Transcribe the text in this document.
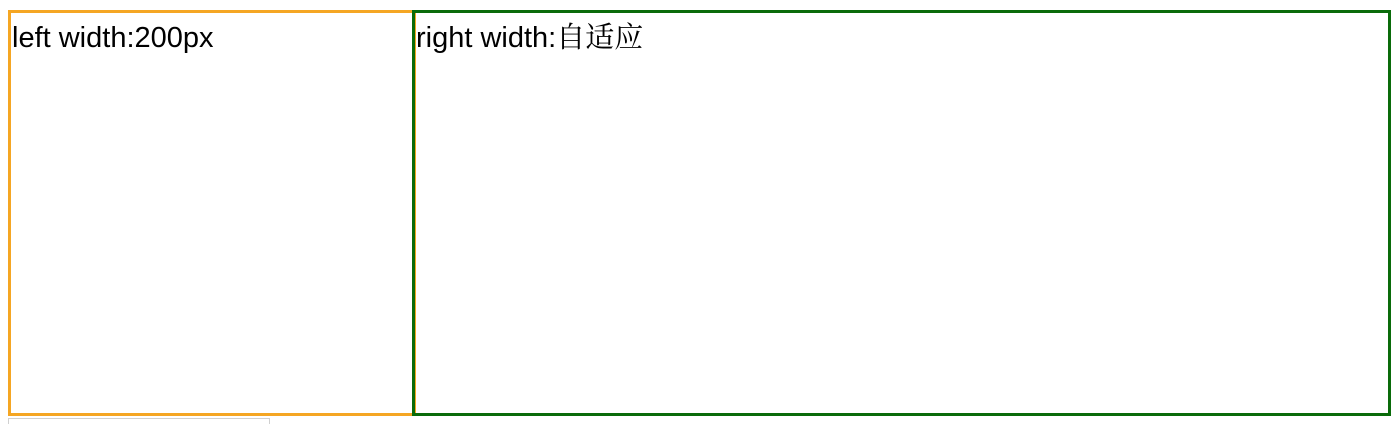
left width:200px	right width:自适应
